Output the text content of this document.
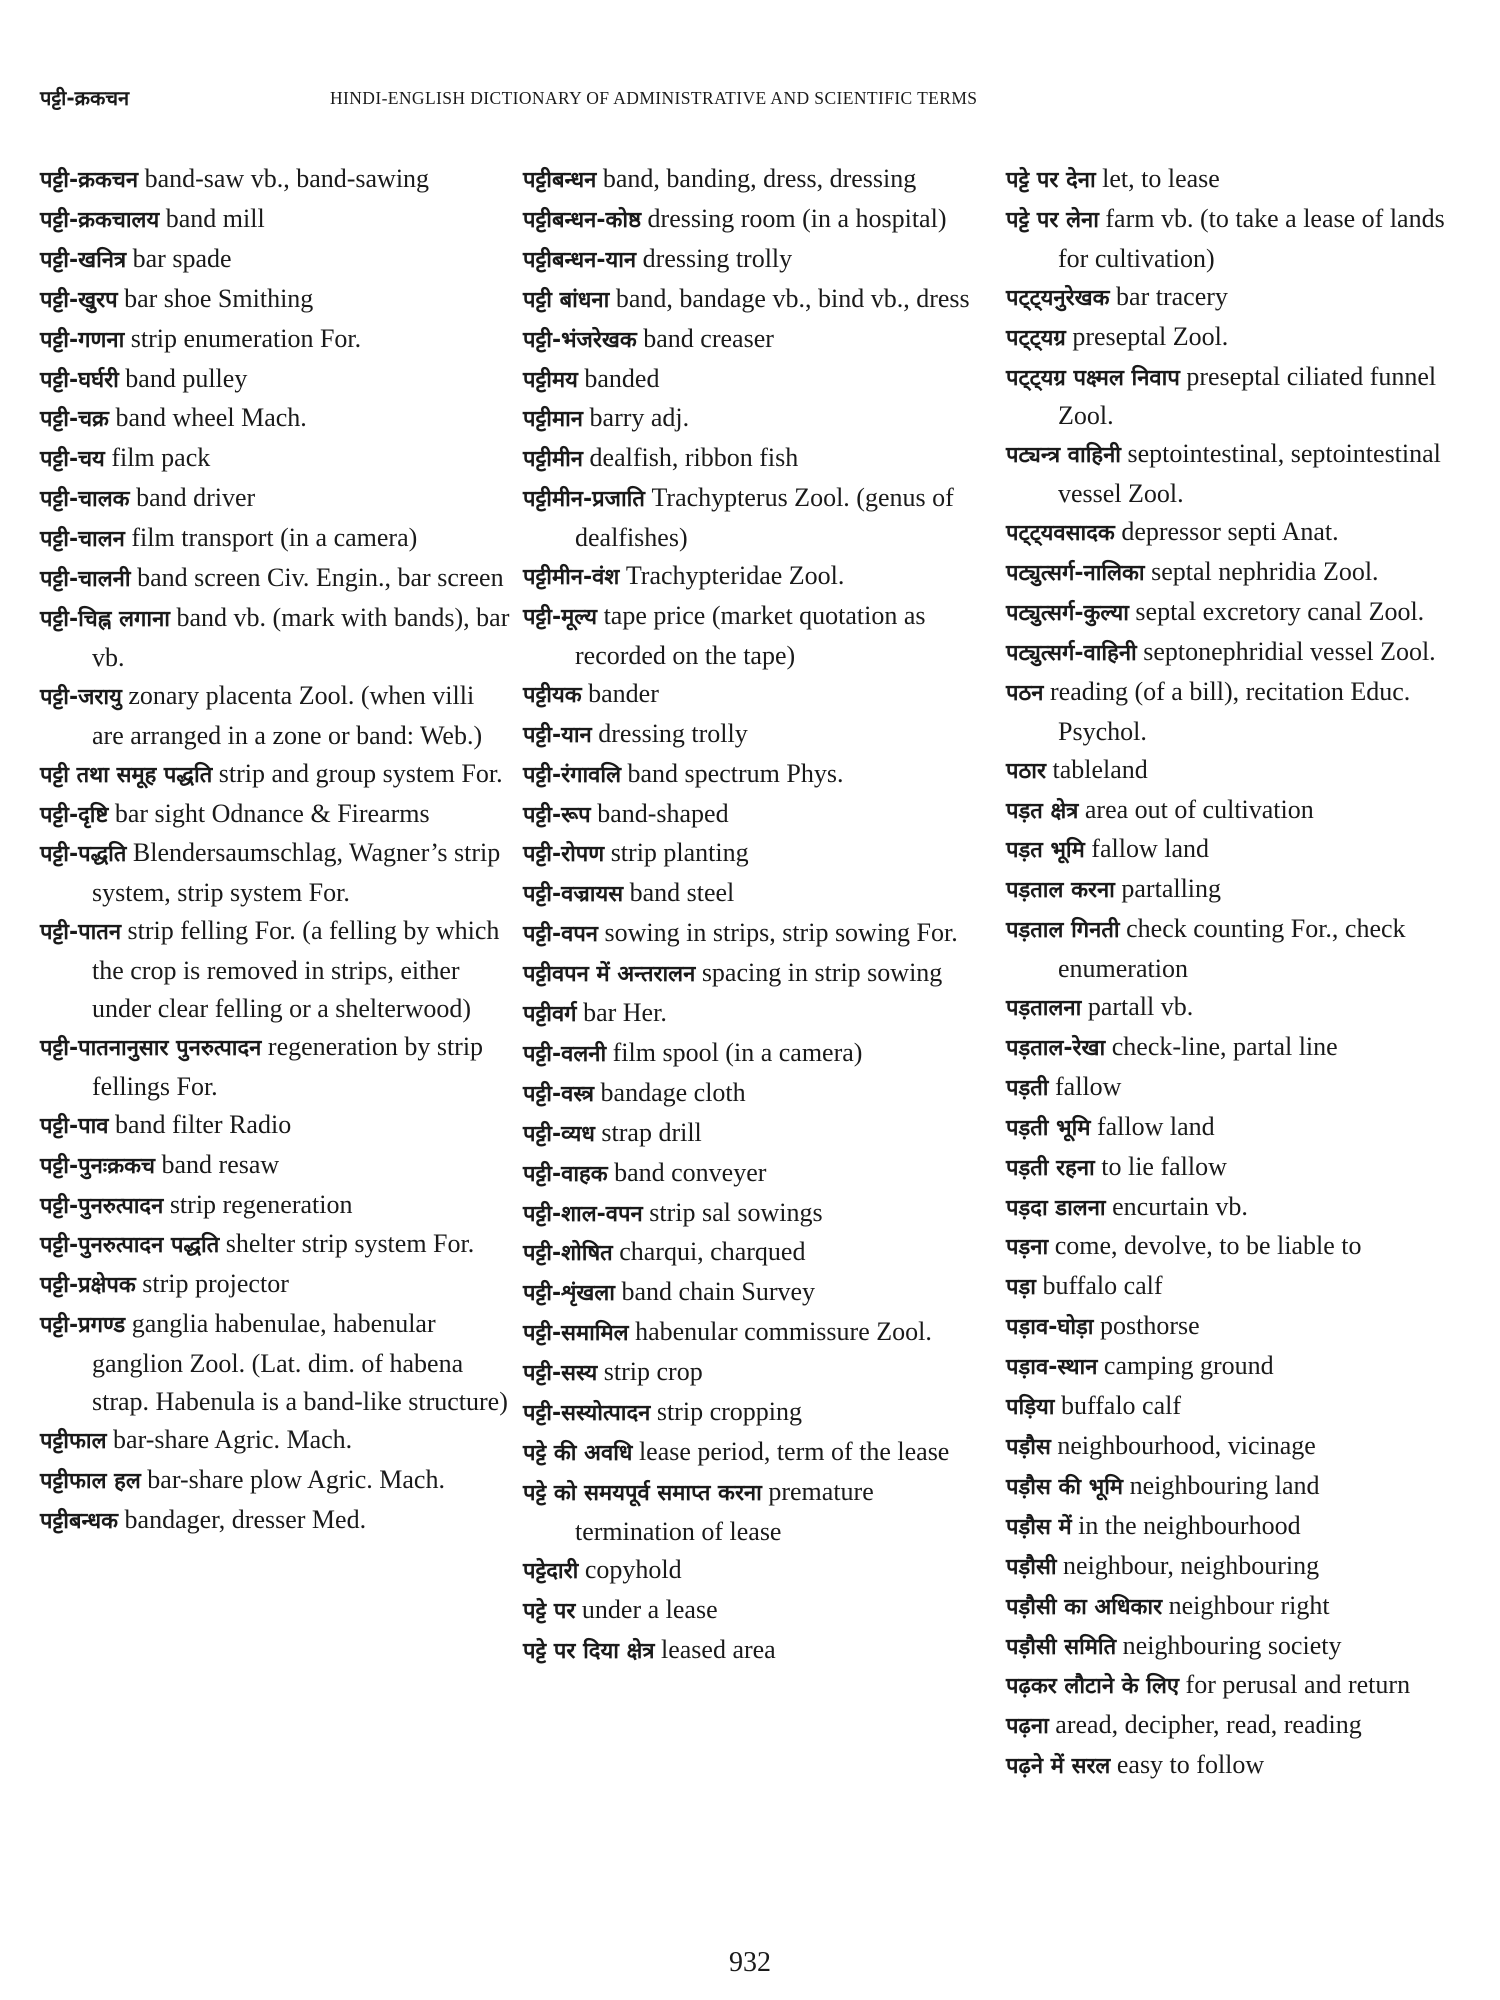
पट्टी-क्रकचन	HINDI-ENGLISH DICTIONARY OF ADMINISTRATIVE AND SCIENTIFIC TERMS

पट्टी-क्रकचन band-saw vb., band-sawing

पट्टी-क्रकचालय band mill

पट्टी-खनित्र bar spade

पट्टी-खुरप bar shoe Smithing

पट्टी-गणना strip enumeration For.

पट्टी-घर्घरी band pulley

पट्टी-चक्र band wheel Mach.

पट्टी-चय film pack

पट्टी-चालक band driver

पट्टी-चालन film transport (in a camera)

पट्टी-चालनी band screen Civ. Engin., bar screen

पट्टी-चिह्न लगाना band vb. (mark with bands), bar vb.

पट्टी-जरायु zonary placenta Zool. (when villi are arranged in a zone or band: Web.)

पट्टी तथा समूह पद्धति strip and group system For.

पट्टी-दृष्टि bar sight Odnance & Firearms

पट्टी-पद्धति Blendersaumschlag, Wagner’s strip system, strip system For.

पट्टी-पातन strip felling For. (a felling by which the crop is removed in strips, either under clear felling or a shelterwood)

पट्टी-पातनानुसार पुनरुत्पादन regeneration by strip fellings For.

पट्टी-पाव band filter Radio

पट्टी-पुनःक्रकच band resaw

पट्टी-पुनरुत्पादन strip regeneration

पट्टी-पुनरुत्पादन पद्धति shelter strip system For.

पट्टी-प्रक्षेपक strip projector

पट्टी-प्रगण्ड ganglia habenulae, habenular ganglion Zool. (Lat. dim. of habena strap. Habenula is a band-like structure)

पट्टीफाल bar-share Agric. Mach.

पट्टीफाल हल bar-share plow Agric. Mach.

पट्टीबन्धक bandager, dresser Med.

पट्टीबन्धन band, banding, dress, dressing

पट्टीबन्धन-कोष्ठ dressing room (in a hospital)

पट्टीबन्धन-यान dressing trolly

पट्टी बांधना band, bandage vb., bind vb., dress

पट्टी-भंजरेखक band creaser

पट्टीमय banded

पट्टीमान barry adj.

पट्टीमीन dealfish, ribbon fish

पट्टीमीन-प्रजाति Trachypterus Zool. (genus of dealfishes)

पट्टीमीन-वंश Trachypteridae Zool.

पट्टी-मूल्य tape price (market quotation as recorded on the tape)

पट्टीयक bander

पट्टी-यान dressing trolly

पट्टी-रंगावलि band spectrum Phys.

पट्टी-रूप band-shaped

पट्टी-रोपण strip planting

पट्टी-वज्रायस band steel

पट्टी-वपन sowing in strips, strip sowing For.

पट्टीवपन में अन्तरालन spacing in strip sowing

पट्टीवर्ग bar Her.

पट्टी-वलनी film spool (in a camera)

पट्टी-वस्त्र bandage cloth

पट्टी-व्यध strap drill

पट्टी-वाहक band conveyer

पट्टी-शाल-वपन strip sal sowings

पट्टी-शोषित charqui, charqued

पट्टी-शृंखला band chain Survey

पट्टी-समामिल habenular commissure Zool.

पट्टी-सस्य strip crop

पट्टी-सस्योत्पादन strip cropping

पट्टे की अवधि lease period, term of the lease

पट्टे को समयपूर्व समाप्त करना premature termination of lease

पट्टेदारी copyhold

पट्टे पर under a lease

पट्टे पर दिया क्षेत्र leased area

पट्टे पर देना let, to lease

पट्टे पर लेना farm vb. (to take a lease of lands for cultivation)

पट्ट्यनुरेखक bar tracery

पट्ट्यग्र preseptal Zool.

पट्ट्यग्र पक्ष्मल निवाप preseptal ciliated funnel Zool.

पट्यन्त्र वाहिनी septointestinal, septointestinal vessel Zool.

पट्ट्यवसादक depressor septi Anat.

पट्युत्सर्ग-नालिका septal nephridia Zool.

पट्युत्सर्ग-कुल्या septal excretory canal Zool.

पट्युत्सर्ग-वाहिनी septonephridial vessel Zool.

पठन reading (of a bill), recitation Educ. Psychol.

पठार tableland

पड़त क्षेत्र area out of cultivation

पड़त भूमि fallow land

पड़ताल करना partalling

पड़ताल गिनती check counting For., check enumeration

पड़तालना partall vb.

पड़ताल-रेखा check-line, partal line

पड़ती fallow

पड़ती भूमि fallow land

पड़ती रहना to lie fallow

पड़दा डालना encurtain vb.

पड़ना come, devolve, to be liable to

पड़ा buffalo calf

पड़ाव-घोड़ा posthorse

पड़ाव-स्थान camping ground

पड़िया buffalo calf

पड़ौस neighbourhood, vicinage

पड़ौस की भूमि neighbouring land

पड़ौस में in the neighbourhood

पड़ौसी neighbour, neighbouring

पड़ौसी का अधिकार neighbour right

पड़ौसी समिति neighbouring society

पढ़कर लौटाने के लिए for perusal and return

पढ़ना aread, decipher, read, reading

पढ़ने में सरल easy to follow

932
